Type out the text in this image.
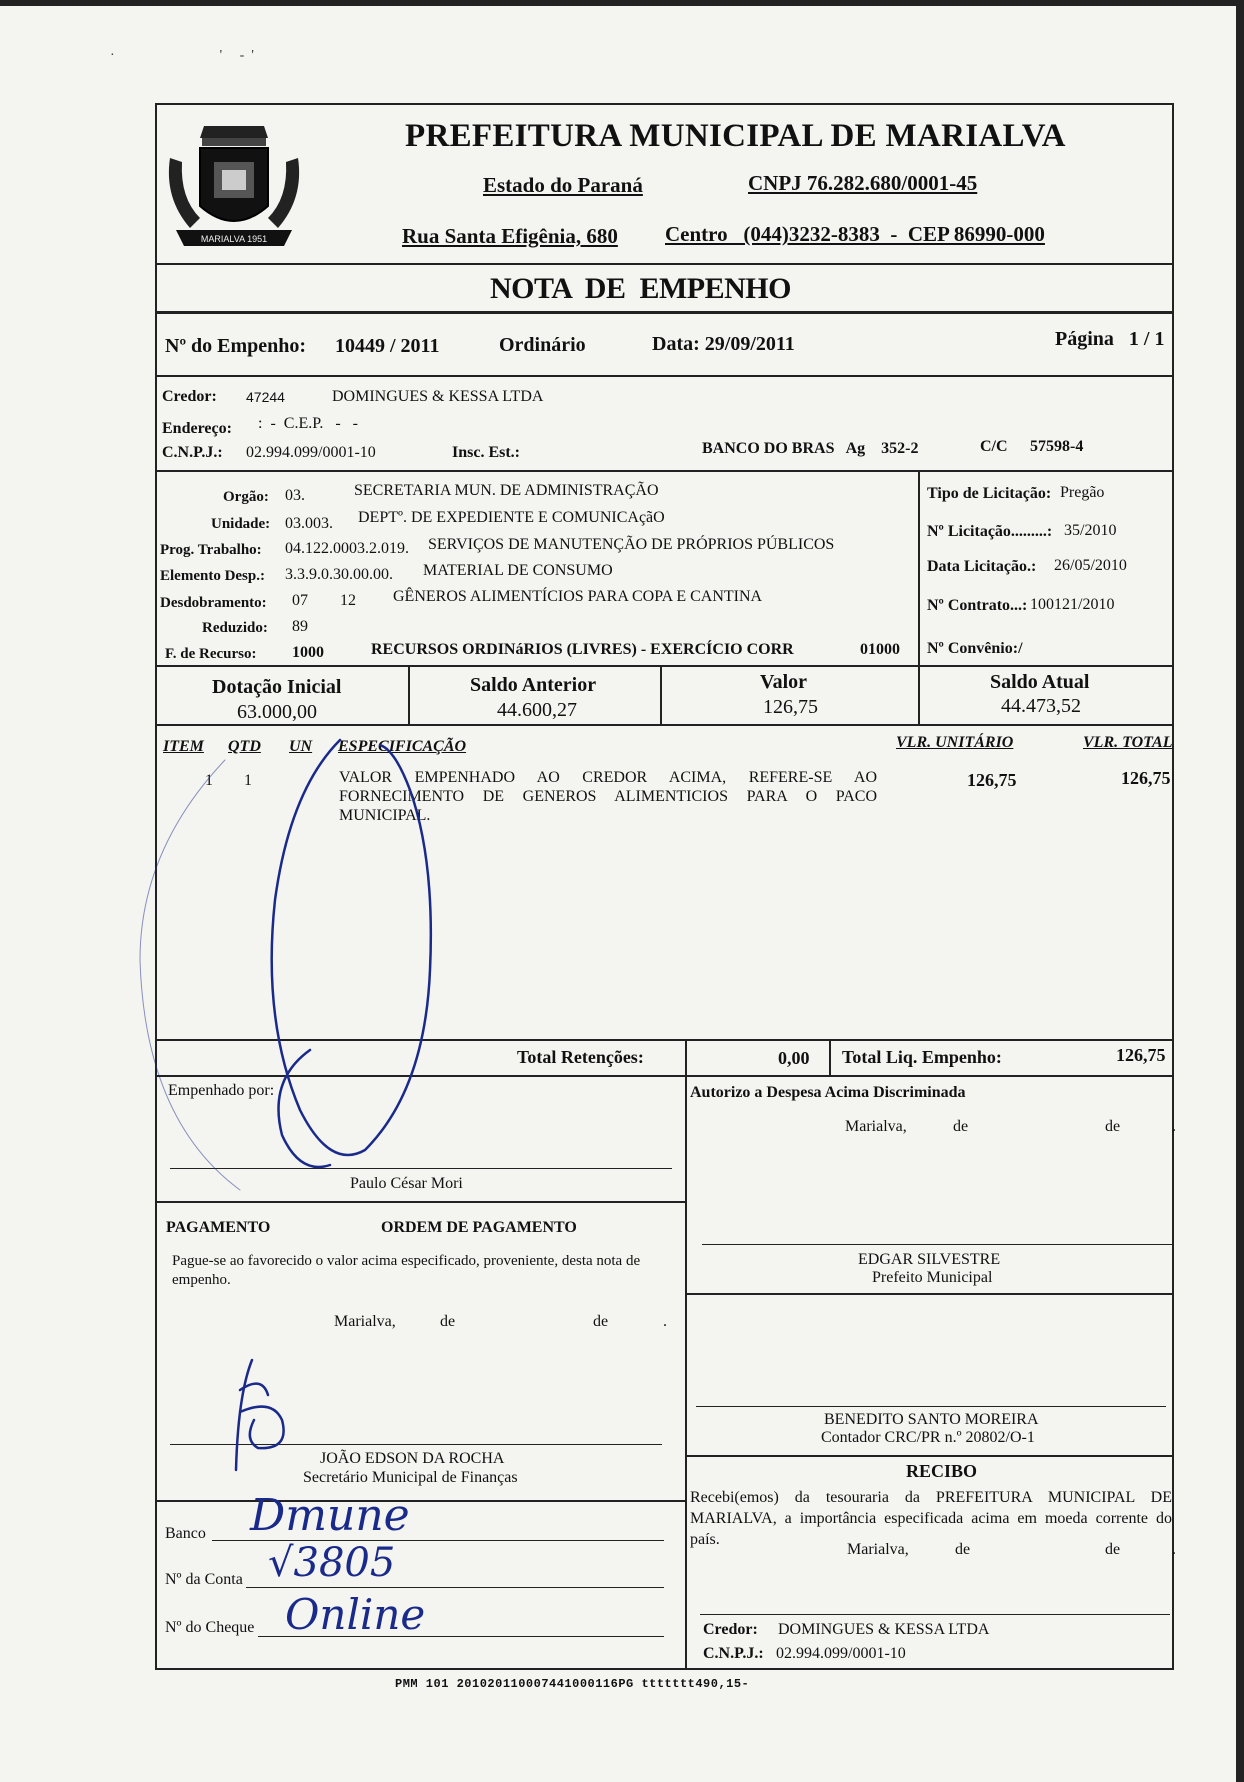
·                              '     -  '
MARIALVA 1951
PREFEITURA MUNICIPAL DE MARIALVA
Estado do Paraná	CNPJ 76.282.680/0001-45
Rua Santa Efigênia, 680 Centro   (044)3232-8383  -  CEP 86990-000
NOTA  DE  EMPENHO
Nº do Empenho: 10449 / 2011	Ordinário	Data: 29/09/2011	Página   1 / 1
Credor: 47244	DOMINGUES & KESSA LTDA
Endereço: :  -  C.E.P.   -   -
C.N.P.J.: 02.994.099/0001-10	Insc. Est.:	BANCO DO BRAS   Ag    352-2	C/C 57598-4
Orgão: 03.	SECRETARIA MUN. DE ADMINISTRAÇÃO
Unidade: 03.003. DEPTº. DE EXPEDIENTE E COMUNICAçãO
Prog. Trabalho: 04.122.0003.2.019. SERVIÇOS DE MANUTENÇÃO DE PRÓPRIOS PÚBLICOS
Elemento Desp.: 3.3.9.0.30.00.00. MATERIAL DE CONSUMO
Desdobramento: 07 12 GÊNEROS ALIMENTÍCIOS PARA COPA E CANTINA
Reduzido: 89
F. de Recurso: 1000	RECURSOS ORDINáRIOS (LIVRES) - EXERCÍCIO CORR	01000
Tipo de Licitação: Pregão
Nº Licitação.........: 35/2010
Data Licitação.: 26/05/2010
Nº Contrato...: 100121/2010
Nº Convênio:/
Dotação Inicial
63.000,00
Saldo Anterior
44.600,27
Valor
126,75
Saldo Atual
44.473,52
ITEM QTD UN ESPECIFICAÇÃO	VLR. UNITÁRIO	VLR. TOTAL
1 1	VALOR EMPENHADO AO CREDOR ACIMA, REFERE-SE AO FORNECIMENTO DE GENEROS ALIMENTICIOS PARA O PACO MUNICIPAL.
126,75	126,75
Total Retenções:	0,00 Total Liq. Empenho:	126,75
Empenhado por:
Paulo César Mori
PAGAMENTO	ORDEM DE PAGAMENTO
Pague-se ao favorecido o valor acima especificado, proveniente, desta nota de empenho.
Marialva,	de	de	.
JOÃO EDSON DA ROCHA
Secretário Municipal de Finanças
Banco Dmune
Nº da Conta √3805
Nº do Cheque Online
Autorizo a Despesa Acima Discriminada
Marialva,	de	de	.
EDGAR SILVESTRE
Prefeito Municipal
BENEDITO SANTO MOREIRA
Contador CRC/PR n.º 20802/O-1
RECIBO
Recebi(emos) da tesouraria da PREFEITURA MUNICIPAL DE MARIALVA, a importância especificada acima em moeda corrente do país.
Marialva,	de	de	.
Credor: DOMINGUES & KESSA LTDA
C.N.P.J.: 02.994.099/0001-10
PMM 101 201020110007441000116PG ttttttt490,15-
